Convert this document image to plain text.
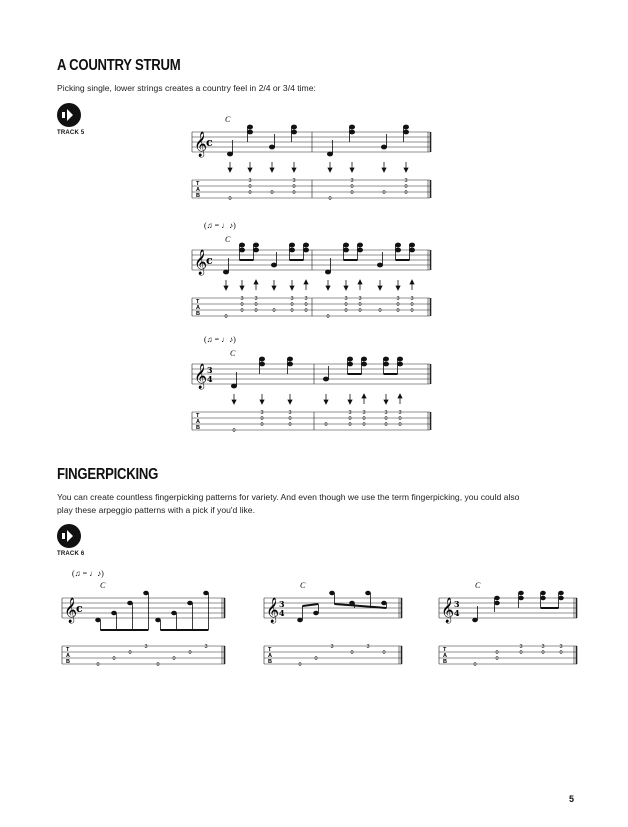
A COUNTRY STRUM

Picking single, lower strings creates a country feel in 2/4 or 3/4 time:

TRACK 5
C
𝄞
c
T
A
B	0
3
0
0	0
3
0
0
0
3
0
0	0
3
0
0
(♫ = ♩♪)
C
𝄞
c
T
A
B	0
3
0
0
3
0
0	0
3
0
0
3
0
0
0
3
0
0
3
0
0	0
3
0
0
3
0
0
(♫ = ♩♪)
C
𝄞 3
4
T
A
B	0
3
0
0
3
0
0	0
3
0
0
3
0
0
3
0
0
3
0
0
FINGERPICKING

You can create countless fingerpicking patterns for variety. And even though we use the term fingerpicking, you could also

play these arpeggio patterns with a pick if you'd like.

TRACK 6
(♫ = ♩♪)
C
𝄞
c
T
A
B	0
0
0
3
0
0
0
3
C
𝄞 3
4
T
A
B	0
0
3
0
3
0
C
𝄞 3
4
T
A
B	0
0
0
3
0
3
0
3
0
5
